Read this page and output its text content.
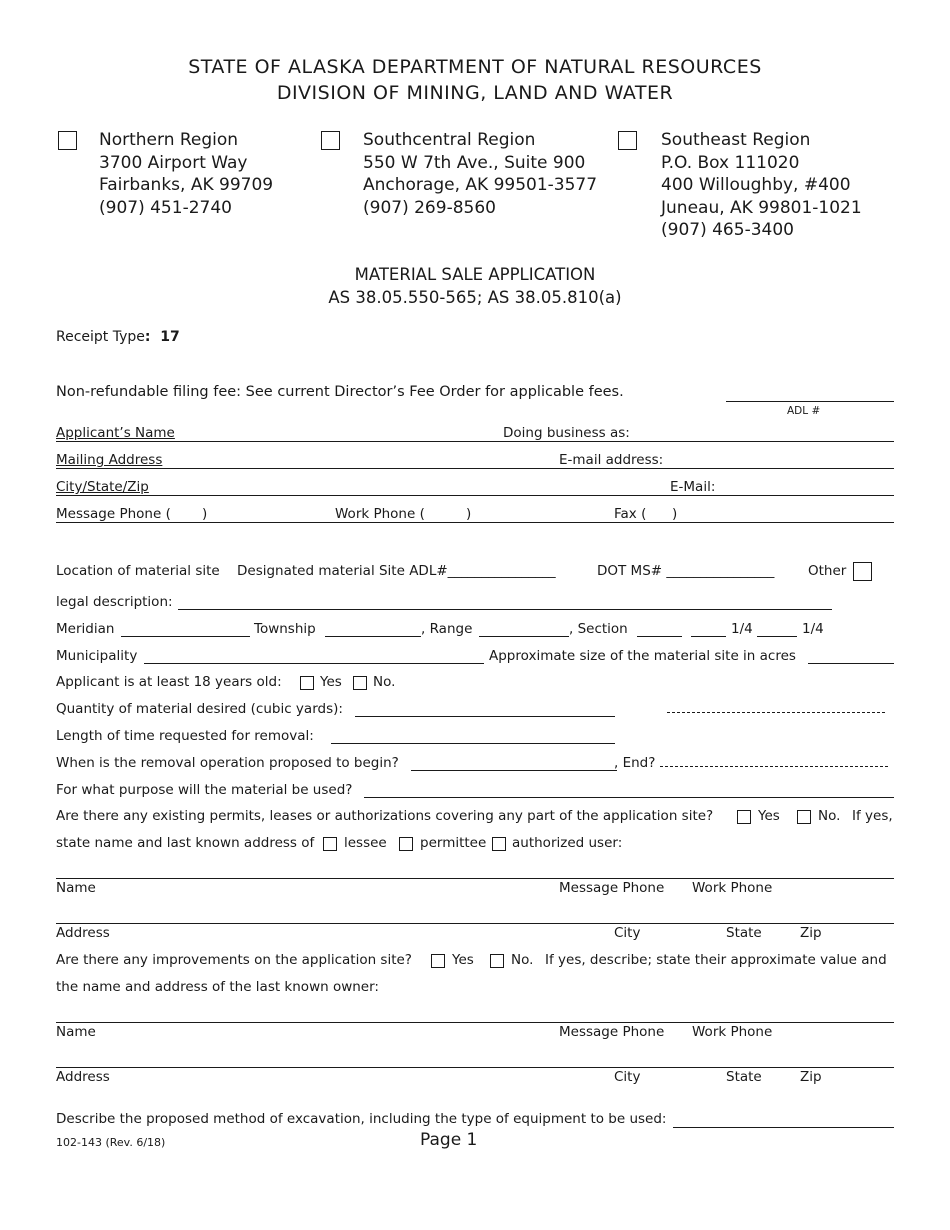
STATE OF ALASKA DEPARTMENT OF NATURAL RESOURCES
DIVISION OF MINING, LAND AND WATER
Northern Region
3700 Airport Way
Fairbanks, AK 99709
(907) 451-2740
Southcentral Region
550 W 7th Ave., Suite 900
Anchorage, AK 99501-3577
(907) 269-8560
Southeast Region
P.O. Box 111020
400 Willoughby, #400
Juneau, AK 99801-1021
(907) 465-3400
MATERIAL SALE APPLICATION
AS 38.05.550-565; AS 38.05.810(a)
Receipt Type:  17
Non-refundable filing fee: See current Director’s Fee Order for applicable fees.
ADL #
Applicant’s Name	Doing business as:
Mailing Address	E-mail address:
City/State/Zip	E-Mail:
Message Phone ( )	Work Phone (	)	Fax ( )
Location of material site Designated material Site ADL#________________	DOT MS# ________________ Other
legal description:
Meridian	Township	, Range	, Section	1/4	1/4
Municipality	Approximate size of the material site in acres
Applicant is at least 18 years old:	Yes No.
Quantity of material desired (cubic yards):
Length of time requested for removal:
When is the removal operation proposed to begin?	, End?
For what purpose will the material be used?
Are there any existing permits, leases or authorizations covering any part of the application site?	Yes	No. If yes,
state name and last known address of lessee permittee authorized user:
Name	Message Phone Work Phone
Address	City	State	Zip
Are there any improvements on the application site?	Yes	No. If yes, describe; state their approximate value and
the name and address of the last known owner:
Name	Message Phone Work Phone
Address	City	State	Zip
Describe the proposed method of excavation, including the type of equipment to be used:
102-143 (Rev. 6/18)	Page 1
